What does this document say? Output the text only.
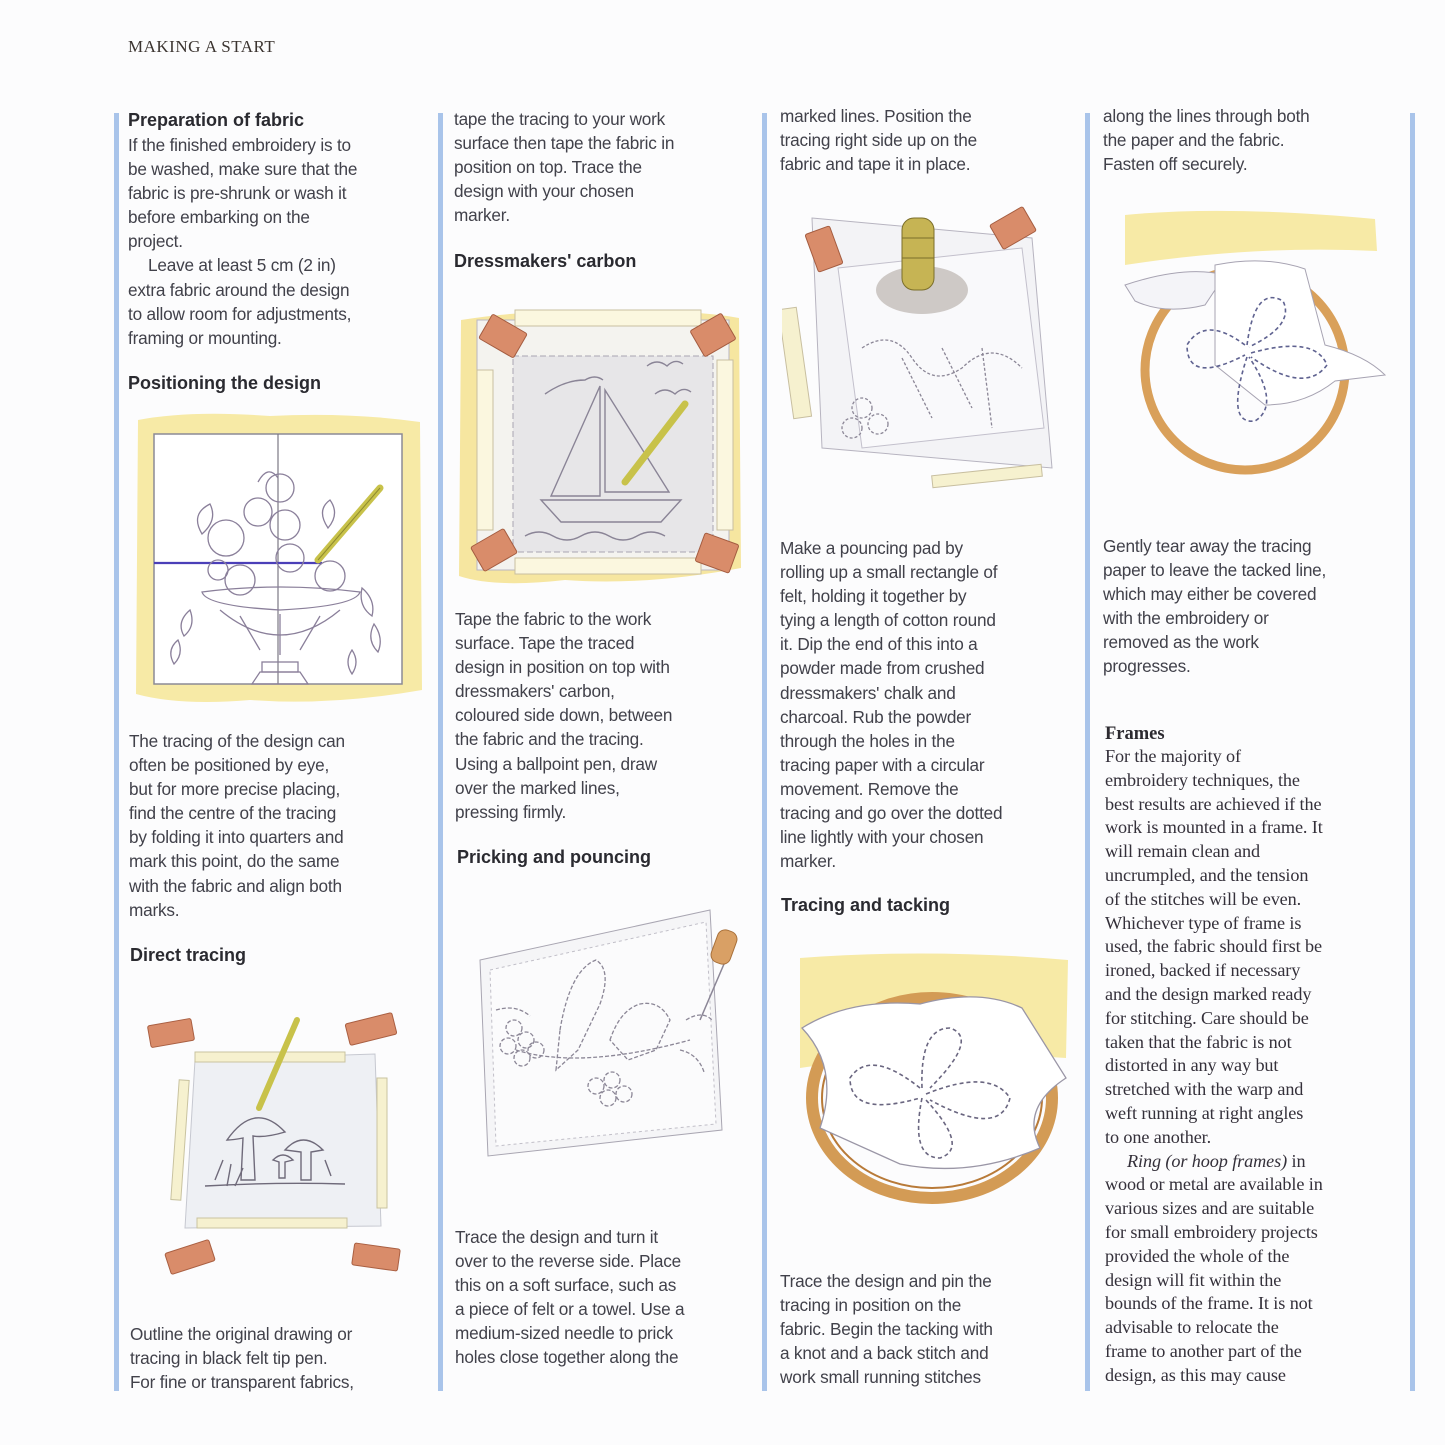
MAKING A START

Preparation of fabric

If the finished embroidery is to
be washed, make sure that the
fabric is pre-shrunk or wash it
before embarking on the
project.

Leave at least 5 cm (2 in)
extra fabric around the design
to allow room for adjustments,
framing or mounting.

Positioning the design

The tracing of the design can
often be positioned by eye,
but for more precise placing,
find the centre of the tracing
by folding it into quarters and
mark this point, do the same
with the fabric and align both
marks.

Direct tracing

Outline the original drawing or
tracing in black felt tip pen.
For fine or transparent fabrics,

tape the tracing to your work
surface then tape the fabric in
position on top. Trace the
design with your chosen
marker.

Dressmakers' carbon

Tape the fabric to the work
surface. Tape the traced
design in position on top with
dressmakers' carbon,
coloured side down, between
the fabric and the tracing.
Using a ballpoint pen, draw
over the marked lines,
pressing firmly.

Pricking and pouncing

Trace the design and turn it
over to the reverse side. Place
this on a soft surface, such as
a piece of felt or a towel. Use a
medium-sized needle to prick
holes close together along the

marked lines. Position the
tracing right side up on the
fabric and tape it in place.

Make a pouncing pad by
rolling up a small rectangle of
felt, holding it together by
tying a length of cotton round
it. Dip the end of this into a
powder made from crushed
dressmakers' chalk and
charcoal. Rub the powder
through the holes in the
tracing paper with a circular
movement. Remove the
tracing and go over the dotted
line lightly with your chosen
marker.

Tracing and tacking

Trace the design and pin the
tracing in position on the
fabric. Begin the tacking with
a knot and a back stitch and
work small running stitches

along the lines through both
the paper and the fabric.
Fasten off securely.

Gently tear away the tracing
paper to leave the tacked line,
which may either be covered
with the embroidery or
removed as the work
progresses.

Frames

For the majority of
embroidery techniques, the
best results are achieved if the
work is mounted in a frame. It
will remain clean and
uncrumpled, and the tension
of the stitches will be even.
Whichever type of frame is
used, the fabric should first be
ironed, backed if necessary
and the design marked ready
for stitching. Care should be
taken that the fabric is not
distorted in any way but
stretched with the warp and
weft running at right angles
to one another.

Ring (or hoop frames) in

wood or metal are available in
various sizes and are suitable
for small embroidery projects
provided the whole of the
design will fit within the
bounds of the frame. It is not
advisable to relocate the
frame to another part of the
design, as this may cause
